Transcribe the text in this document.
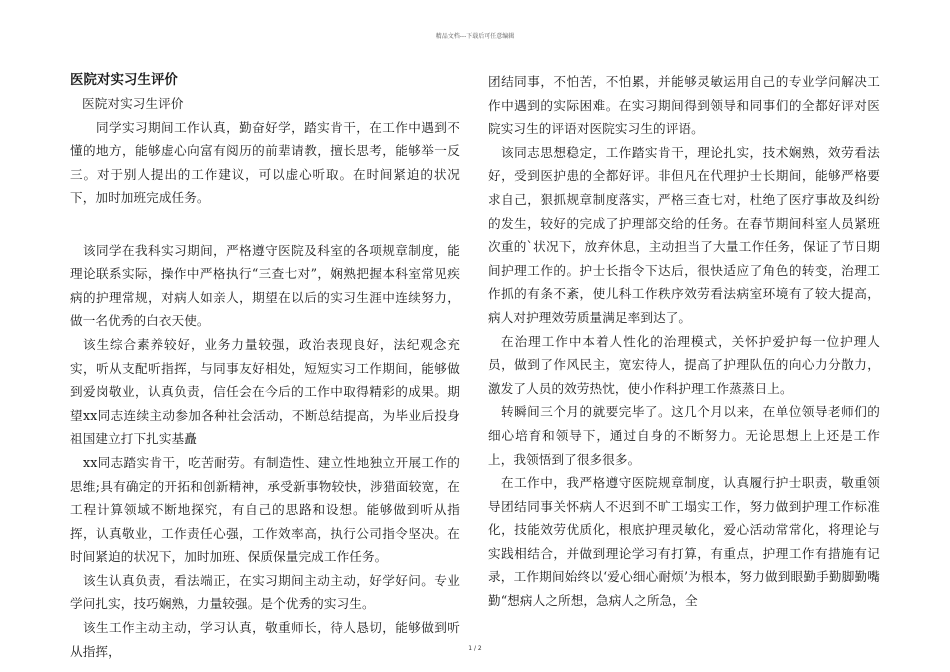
精品文档---下载后可任意编辑

医院对实习生评价

医院对实习生评价

同学实习期间工作认真，勤奋好学，踏实肯干，在工作中遇到不懂的地方，能够虚心向富有阅历的前辈请教，擅长思考，能够举一反三。对于别人提出的工作建议，可以虚心听取。在时间紧迫的状况下，加时加班完成任务。

该同学在我科实习期间，严格遵守医院及科室的各项规章制度，能理论联系实际，操作中严格执行“三查七对”，娴熟把握本科室常见疾病的护理常规，对病人如亲人，期望在以后的实习生涯中连续努力，做一名优秀的白衣天使。

该生综合素养较好，业务力量较强，政治表现良好，法纪观念充实，听从支配听指挥，与同事友好相处，短短实习工作期间，能够做到爱岗敬业，认真负责，信任会在今后的工作中取得精彩的成果。期望xx同志连续主动参加各种社会活动，不断总结提高，为毕业后投身祖国建立打下扎实基矗

xx同志踏实肯干，吃苦耐劳。有制造性、建立性地独立开展工作的思维;具有确定的开拓和创新精神，承受新事物较快，涉猎面较宽，在工程计算领域不断地探究，有自己的思路和设想。能够做到听从指挥，认真敬业，工作责任心强，工作效率高，执行公司指令坚决。在时间紧迫的状况下，加时加班、保质保量完成工作任务。

该生认真负责，看法端正，在实习期间主动主动，好学好问。专业学问扎实，技巧娴熟，力量较强。是个优秀的实习生。

该生工作主动主动，学习认真，敬重师长，待人恳切，能够做到听从指挥，

团结同事，不怕苦，不怕累，并能够灵敏运用自己的专业学问解决工作中遇到的实际困难。在实习期间得到领导和同事们的全都好评对医院实习生的评语对医院实习生的评语。

该同志思想稳定，工作踏实肯干，理论扎实，技术娴熟，效劳看法好，受到医护患的全都好评。非但凡在代理护士长期间，能够严格要求自己，狠抓规章制度落实，严格三查七对，杜绝了医疗事故及纠纷的发生，较好的完成了护理部交给的任务。在春节期间科室人员紧班次重的`状况下，放弃休息，主动担当了大量工作任务，保证了节日期间护理工作的。护士长指令下达后，很快适应了角色的转变，治理工作抓的有条不紊，使儿科工作秩序效劳看法病室环境有了较大提高，病人对护理效劳质量满足率到达了。

在治理工作中本着人性化的治理模式，关怀护爱护每一位护理人员，做到了作风民主，宽宏待人，提高了护理队伍的向心力分散力，激发了人员的效劳热忱，使小作科护理工作蒸蒸日上。

转瞬间三个月的就要完毕了。这几个月以来，在单位领导老师们的细心培育和领导下，通过自身的不断努力。无论思想上上还是工作上，我领悟到了很多很多。

在工作中，我严格遵守医院规章制度，认真履行护士职责，敬重领导团结同事关怀病人不迟到不旷工塌实工作，努力做到护理工作标准化，技能效劳优质化，根底护理灵敏化，爱心活动常常化，将理论与实践相结合，并做到理论学习有打算，有重点，护理工作有措施有记录，工作期间始终以‘爱心细心耐烦’为根本，努力做到眼勤手勤脚勤嘴勤“想病人之所想，急病人之所急，全

1 / 2
